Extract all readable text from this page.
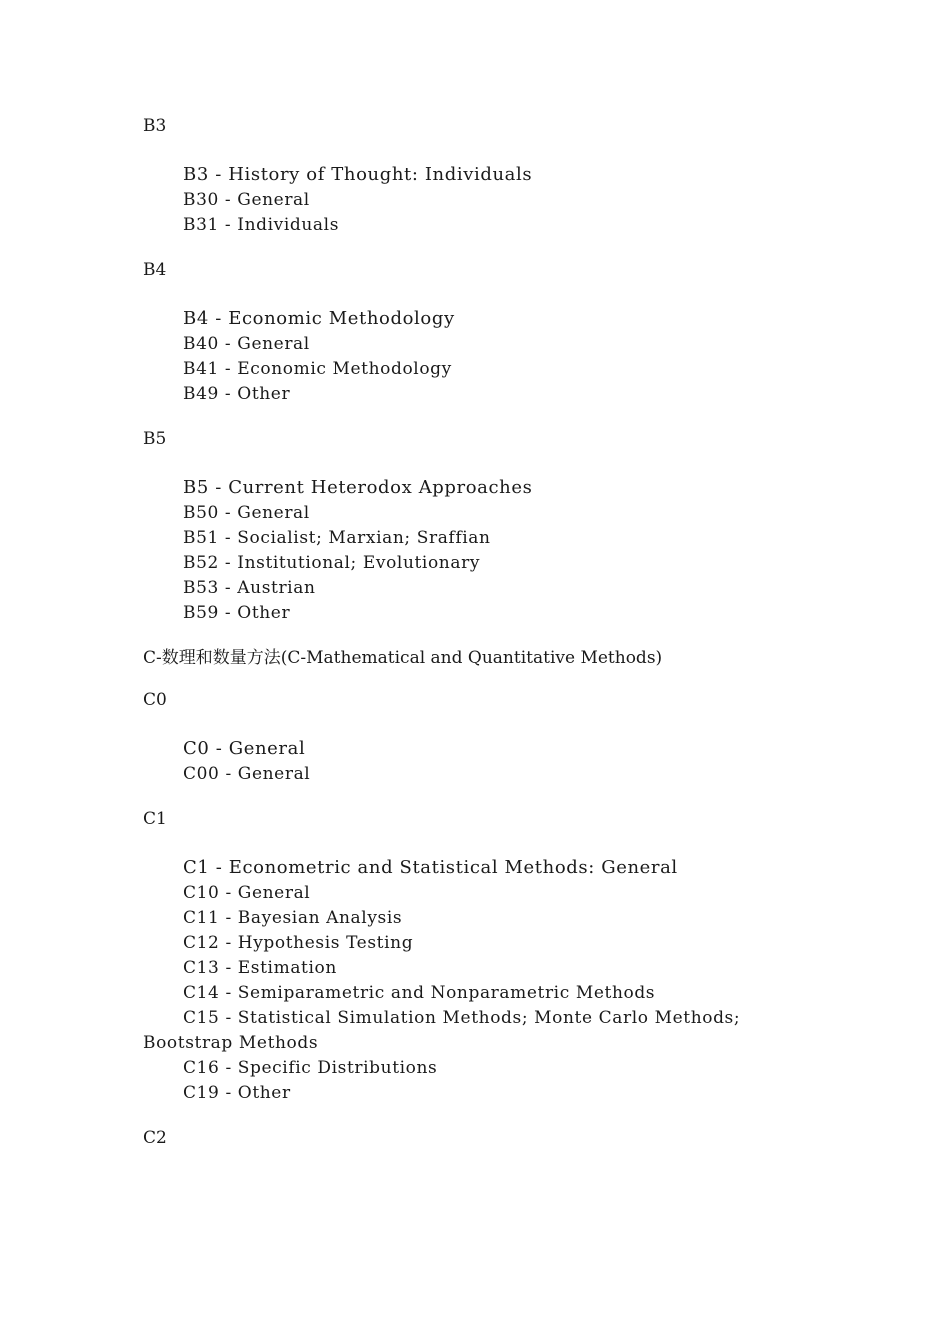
B3
B3 - History of Thought: Individuals
B30 - General
B31 - Individuals
B4
B4 - Economic Methodology
B40 - General
B41 - Economic Methodology
B49 - Other
B5
B5 - Current Heterodox Approaches
B50 - General
B51 - Socialist; Marxian; Sraffian
B52 - Institutional; Evolutionary
B53 - Austrian
B59 - Other
C-数理和数量方法(C-Mathematical and Quantitative Methods)
C0
C0 - General
C00 - General
C1
C1 - Econometric and Statistical Methods: General
C10 - General
C11 - Bayesian Analysis
C12 - Hypothesis Testing
C13 - Estimation
C14 - Semiparametric and Nonparametric Methods
C15 - Statistical Simulation Methods; Monte Carlo Methods; Bootstrap Methods
C16 - Specific Distributions
C19 - Other
C2
